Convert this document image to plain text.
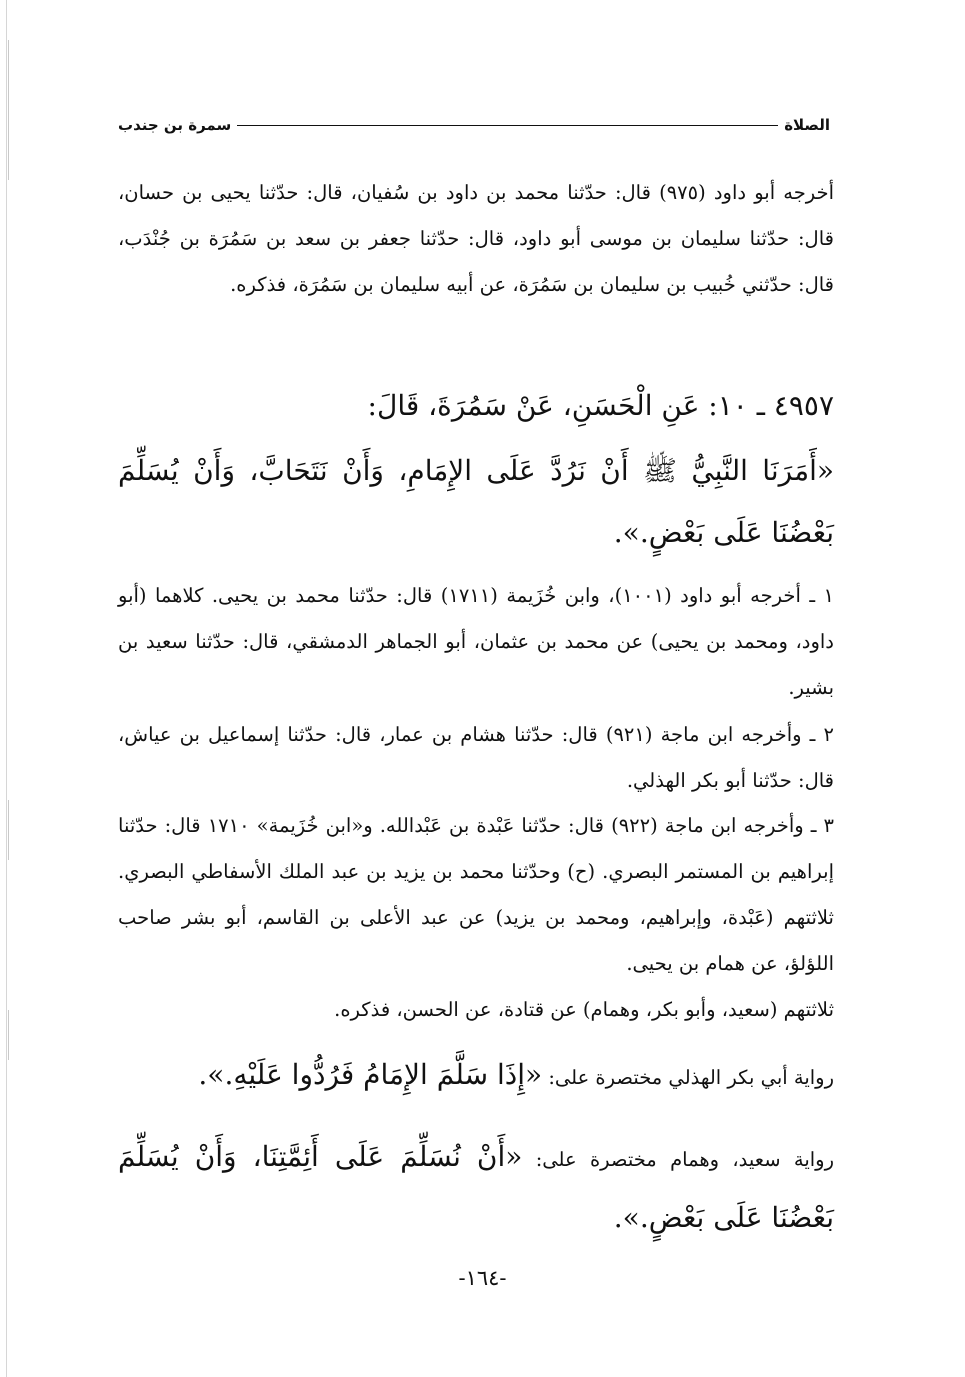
الصلاة
سمرة بن جندب

أخرجه أبو داود (٩٧٥) قال: حدّثنا محمد بن داود بن سُفيان، قال: حدّثنا يحيى بن حسان، قال: حدّثنا سليمان بن موسى أبو داود، قال: حدّثنا جعفر بن سعد بن سَمُرَة بن جُنْدَب، قال: حدّثني خُبيب بن سليمان بن سَمُرَة، عن أبيه سليمان بن سَمُرَة، فذكره.

٤٩٥٧ ـ ١٠: عَنِ الْحَسَنِ، عَنْ سَمُرَةَ، قَالَ:

«أَمَرَنَا النَّبِيُّ ﷺ أَنْ نَرُدَّ عَلَى الإِمَامِ، وَأَنْ نَتَحَابَّ، وَأَنْ يُسَلِّمَ بَعْضُنَا عَلَى بَعْضٍ.».

١ ـ أخرجه أبو داود (١٠٠١)، وابن خُزَيمة (١٧١١) قال: حدّثنا محمد بن يحيى. كلاهما (أبو داود، ومحمد بن يحيى) عن محمد بن عثمان، أبو الجماهر الدمشقي، قال: حدّثنا سعيد بن بشير.

٢ ـ وأخرجه ابن ماجة (٩٢١) قال: حدّثنا هشام بن عمار، قال: حدّثنا إسماعيل بن عياش، قال: حدّثنا أبو بكر الهذلي.

٣ ـ وأخرجه ابن ماجة (٩٢٢) قال: حدّثنا عَبْدة بن عَبْدالله. و«ابن خُزَيمة» ١٧١٠ قال: حدّثنا إبراهيم بن المستمر البصري. (ح) وحدّثنا محمد بن يزيد بن عبد الملك الأسفاطي البصري. ثلاثتهم (عَبْدة، وإبراهيم، ومحمد بن يزيد) عن عبد الأعلى بن القاسم، أبو بشر صاحب اللؤلؤ، عن همام بن يحيى.

ثلاثتهم (سعيد، وأبو بكر، وهمام) عن قتادة، عن الحسن، فذكره.

رواية أبي بكر الهذلي مختصرة على: «إِذَا سَلَّمَ الإِمَامُ فَرُدُّوا عَلَيْهِ.».

رواية سعيد، وهمام مختصرة على: «أَنْ نُسَلِّمَ عَلَى أَئِمَّتِنَا، وَأَنْ يُسَلِّمَ بَعْضُنَا عَلَى بَعْضٍ.».

-١٦٤-
